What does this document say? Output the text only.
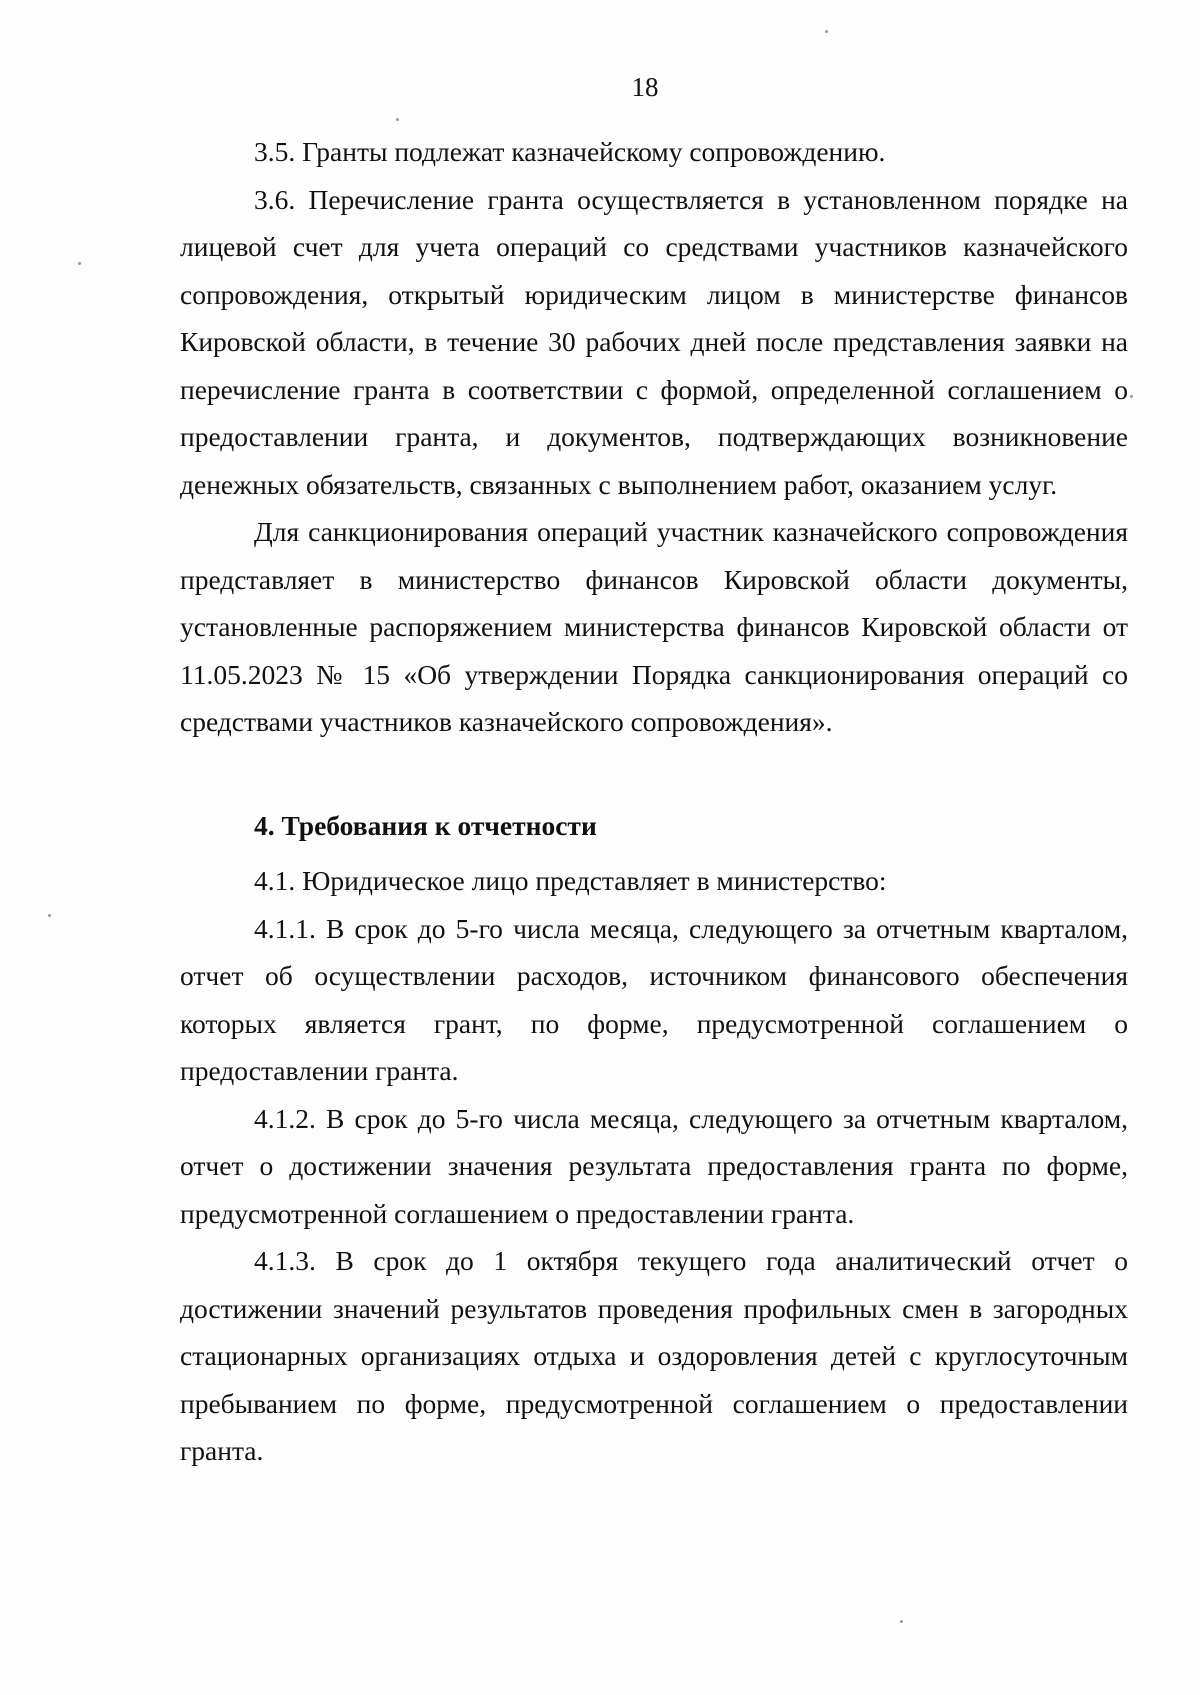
18

3.5. Гранты подлежат казначейскому сопровождению.

3.6. Перечисление гранта осуществляется в установленном порядке на лицевой счет для учета операций со средствами участников казначейского сопровождения, открытый юридическим лицом в министерстве финансов Кировской области, в течение 30 рабочих дней после представления заявки на перечисление гранта в соответствии с формой, определенной соглашением о предоставлении гранта, и документов, подтверждающих возникновение денежных обязательств, связанных с выполнением работ, оказанием услуг.

Для санкционирования операций участник казначейского сопровождения представляет в министерство финансов Кировской области документы, установленные распоряжением министерства финансов Кировской области от 11.05.2023 № 15 «Об утверждении Порядка санкционирования операций со средствами участников казначейского сопровождения».

4. Требования к отчетности

4.1. Юридическое лицо представляет в министерство:

4.1.1. В срок до 5-го числа месяца, следующего за отчетным кварталом, отчет об осуществлении расходов, источником финансового обеспечения которых является грант, по форме, предусмотренной соглашением о предоставлении гранта.

4.1.2. В срок до 5-го числа месяца, следующего за отчетным кварталом, отчет о достижении значения результата предоставления гранта по форме, предусмотренной соглашением о предоставлении гранта.

4.1.3. В срок до 1 октября текущего года аналитический отчет о достижении значений результатов проведения профильных смен в загородных стационарных организациях отдыха и оздоровления детей с круглосуточным пребыванием по форме, предусмотренной соглашением о предоставлении гранта.
